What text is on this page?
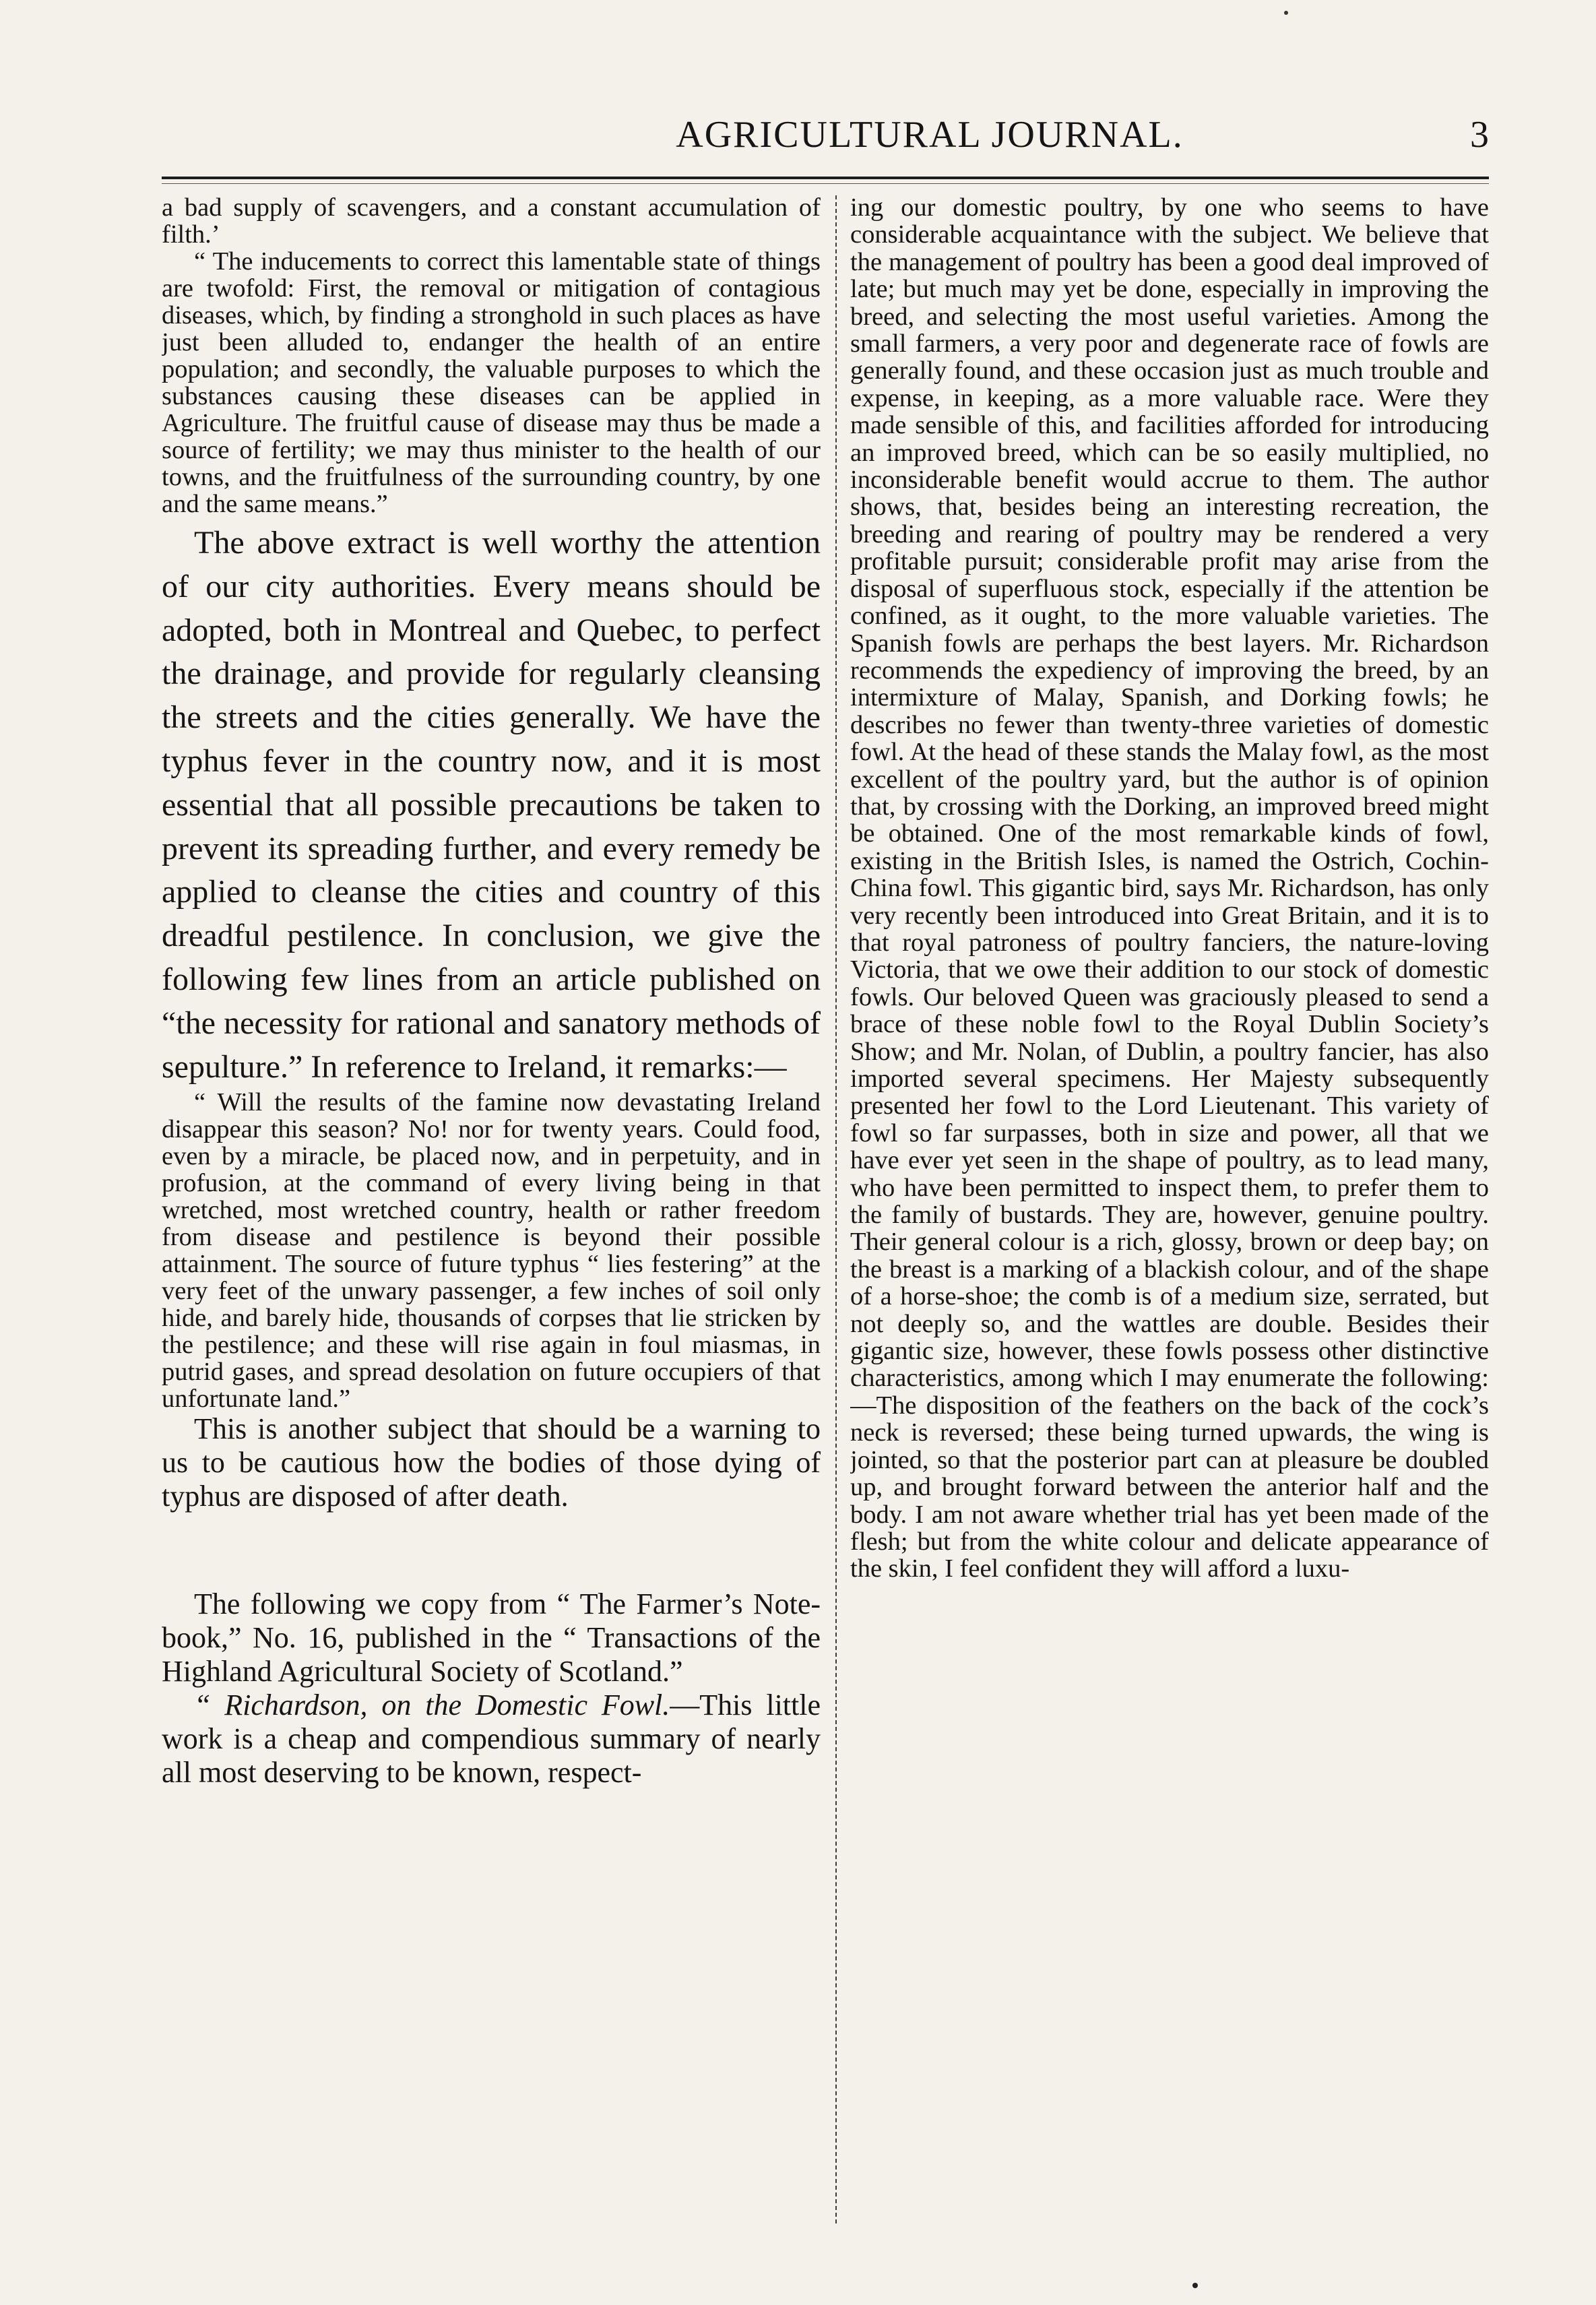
AGRICULTURAL JOURNAL.	3

a bad supply of scavengers, and a constant accumulation of filth.’

“ The inducements to correct this lamentable state of things are twofold: First, the removal or mitigation of contagious diseases, which, by finding a stronghold in such places as have just been alluded to, endanger the health of an entire population; and secondly, the valuable purposes to which the substances causing these diseases can be applied in Agriculture. The fruitful cause of disease may thus be made a source of fertility; we may thus minister to the health of our towns, and the fruitfulness of the surrounding country, by one and the same means.”

The above extract is well worthy the attention of our city authorities. Every means should be adopted, both in Montreal and Quebec, to perfect the drainage, and provide for regularly cleansing the streets and the cities generally. We have the typhus fever in the country now, and it is most essential that all possible precautions be taken to prevent its spreading further, and every remedy be applied to cleanse the cities and country of this dreadful pestilence. In conclusion, we give the following few lines from an article published on “the necessity for rational and sanatory methods of sepulture.” In reference to Ireland, it remarks:—

“ Will the results of the famine now devastating Ireland disappear this season? No! nor for twenty years. Could food, even by a miracle, be placed now, and in perpetuity, and in profusion, at the command of every living being in that wretched, most wretched country, health or rather freedom from disease and pestilence is beyond their possible attainment. The source of future typhus “ lies festering” at the very feet of the unwary passenger, a few inches of soil only hide, and barely hide, thousands of corpses that lie stricken by the pestilence; and these will rise again in foul miasmas, in putrid gases, and spread desolation on future occupiers of that unfortunate land.”

This is another subject that should be a warning to us to be cautious how the bodies of those dying of typhus are disposed of after death.

The following we copy from “ The Farmer’s Note-book,” No. 16, published in the “ Transactions of the Highland Agricultural Society of Scotland.”

“ Richardson, on the Domestic Fowl.—This little work is a cheap and compendious summary of nearly all most deserving to be known, respect-

ing our domestic poultry, by one who seems to have considerable acquaintance with the subject. We believe that the management of poultry has been a good deal improved of late; but much may yet be done, especially in improving the breed, and selecting the most useful varieties. Among the small farmers, a very poor and degenerate race of fowls are generally found, and these occasion just as much trouble and expense, in keeping, as a more valuable race. Were they made sensible of this, and facilities afforded for introducing an improved breed, which can be so easily multiplied, no inconsiderable benefit would accrue to them. The author shows, that, besides being an interesting recreation, the breeding and rearing of poultry may be rendered a very profitable pursuit; considerable profit may arise from the disposal of superfluous stock, especially if the attention be confined, as it ought, to the more valuable varieties. The Spanish fowls are perhaps the best layers. Mr. Richardson recommends the expediency of improving the breed, by an intermixture of Malay, Spanish, and Dorking fowls; he describes no fewer than twenty-three varieties of domestic fowl. At the head of these stands the Malay fowl, as the most excellent of the poultry yard, but the author is of opinion that, by crossing with the Dorking, an improved breed might be obtained. One of the most remarkable kinds of fowl, existing in the British Isles, is named the Ostrich, Cochin-China fowl. This gigantic bird, says Mr. Richardson, has only very recently been introduced into Great Britain, and it is to that royal patroness of poultry fanciers, the nature-loving Victoria, that we owe their addition to our stock of domestic fowls. Our beloved Queen was graciously pleased to send a brace of these noble fowl to the Royal Dublin Society’s Show; and Mr. Nolan, of Dublin, a poultry fancier, has also imported several specimens. Her Majesty subsequently presented her fowl to the Lord Lieutenant. This variety of fowl so far surpasses, both in size and power, all that we have ever yet seen in the shape of poultry, as to lead many, who have been permitted to inspect them, to prefer them to the family of bustards. They are, however, genuine poultry. Their general colour is a rich, glossy, brown or deep bay; on the breast is a marking of a blackish colour, and of the shape of a horse-shoe; the comb is of a medium size, serrated, but not deeply so, and the wattles are double. Besides their gigantic size, however, these fowls possess other distinctive characteristics, among which I may enumerate the following:—The disposition of the feathers on the back of the cock’s neck is reversed; these being turned upwards, the wing is jointed, so that the posterior part can at pleasure be doubled up, and brought forward between the anterior half and the body. I am not aware whether trial has yet been made of the flesh; but from the white colour and delicate appearance of the skin, I feel confident they will afford a luxu-
